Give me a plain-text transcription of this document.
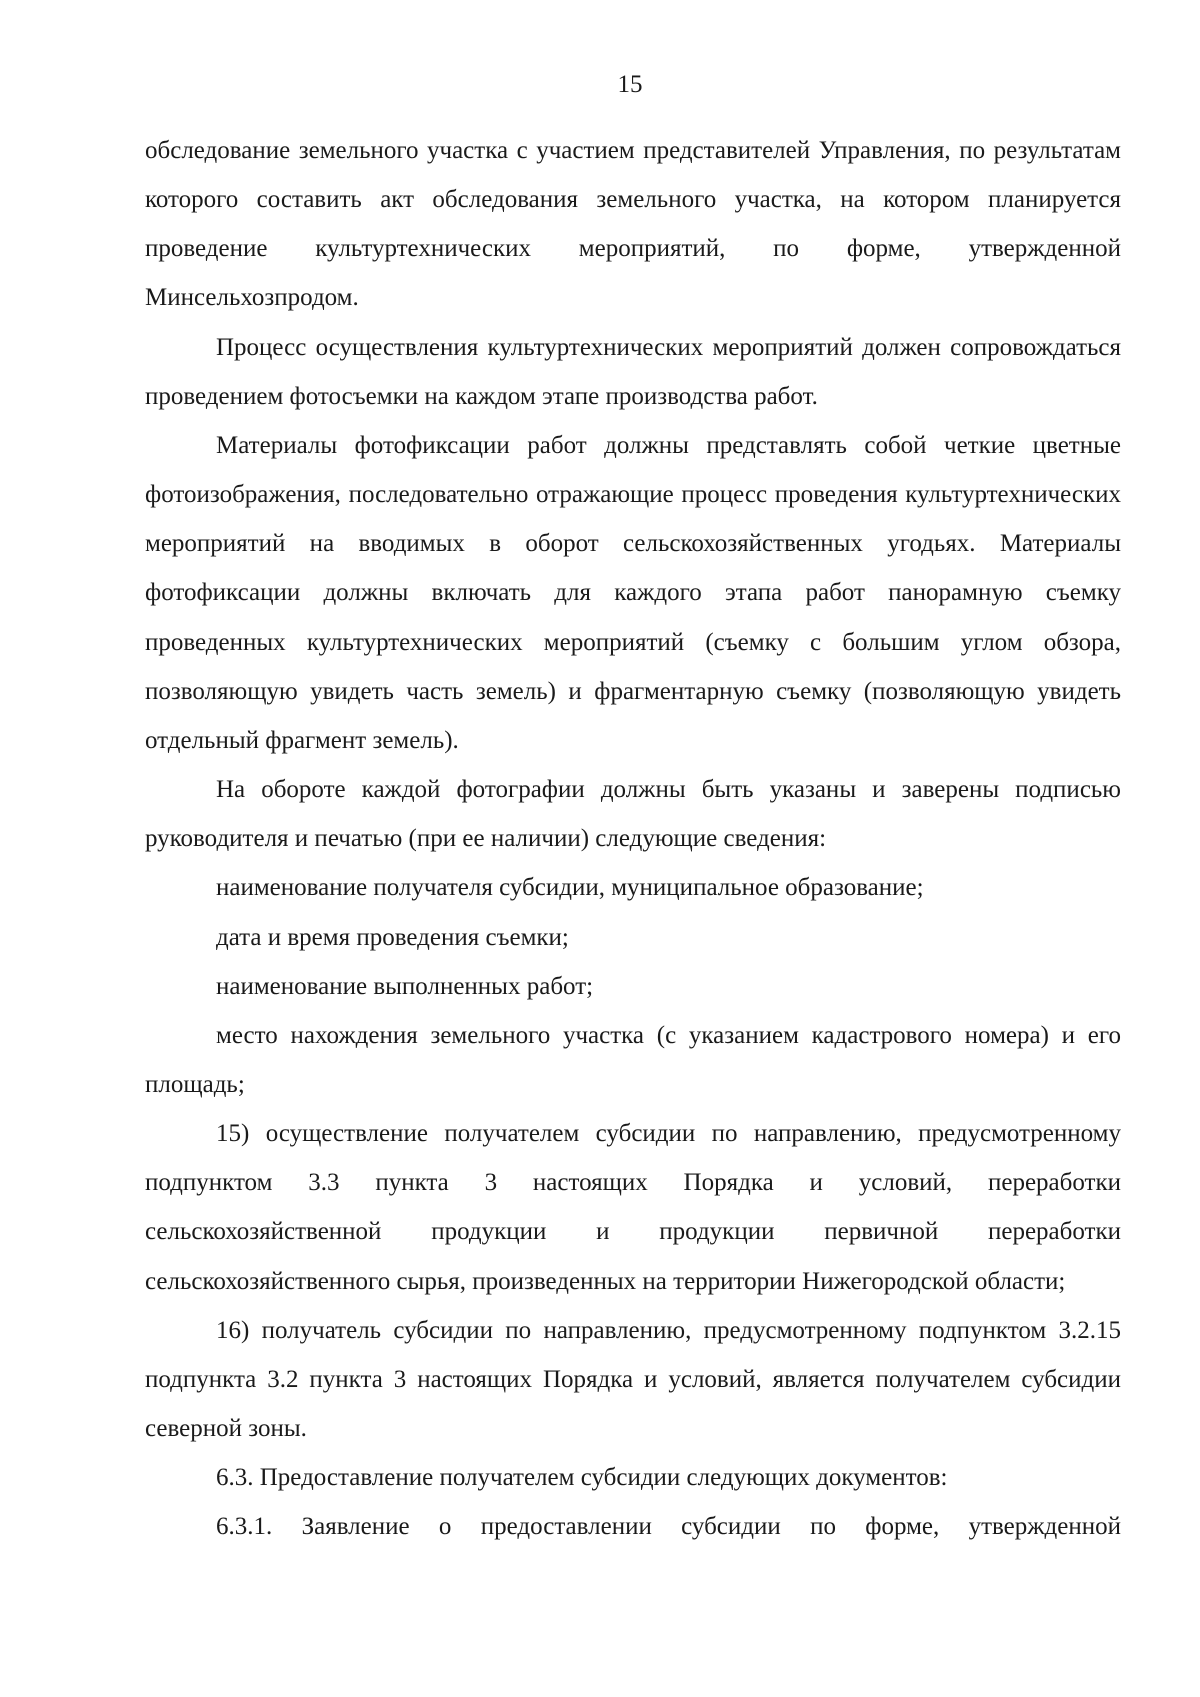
15

обследование земельного участка с участием представителей Управления, по результатам которого составить акт обследования земельного участка, на котором планируется проведение культуртехнических мероприятий, по форме, утвержденной Минсельхозпродом.

Процесс осуществления культуртехнических мероприятий должен сопровождаться проведением фотосъемки на каждом этапе производства работ.

Материалы фотофиксации работ должны представлять собой четкие цветные фотоизображения, последовательно отражающие процесс проведения культуртехнических мероприятий на вводимых в оборот сельскохозяйственных угодьях. Материалы фотофиксации должны включать для каждого этапа работ панорамную съемку проведенных культуртехнических мероприятий (съемку с большим углом обзора, позволяющую увидеть часть земель) и фрагментарную съемку (позволяющую увидеть отдельный фрагмент земель).

На обороте каждой фотографии должны быть указаны и заверены подписью руководителя и печатью (при ее наличии) следующие сведения:

наименование получателя субсидии, муниципальное образование;

дата и время проведения съемки;

наименование выполненных работ;

место нахождения земельного участка (с указанием кадастрового номера) и его площадь;

15) осуществление получателем субсидии по направлению, предусмотренному подпунктом 3.3 пункта 3 настоящих Порядка и условий, переработки сельскохозяйственной продукции и продукции первичной переработки сельскохозяйственного сырья, произведенных на территории Нижегородской области;

16) получатель субсидии по направлению, предусмотренному подпунктом 3.2.15 подпункта 3.2 пункта 3 настоящих Порядка и условий, является получателем субсидии северной зоны.

6.3. Предоставление получателем субсидии следующих документов:

6.3.1. Заявление о предоставлении субсидии по форме, утвержденной
